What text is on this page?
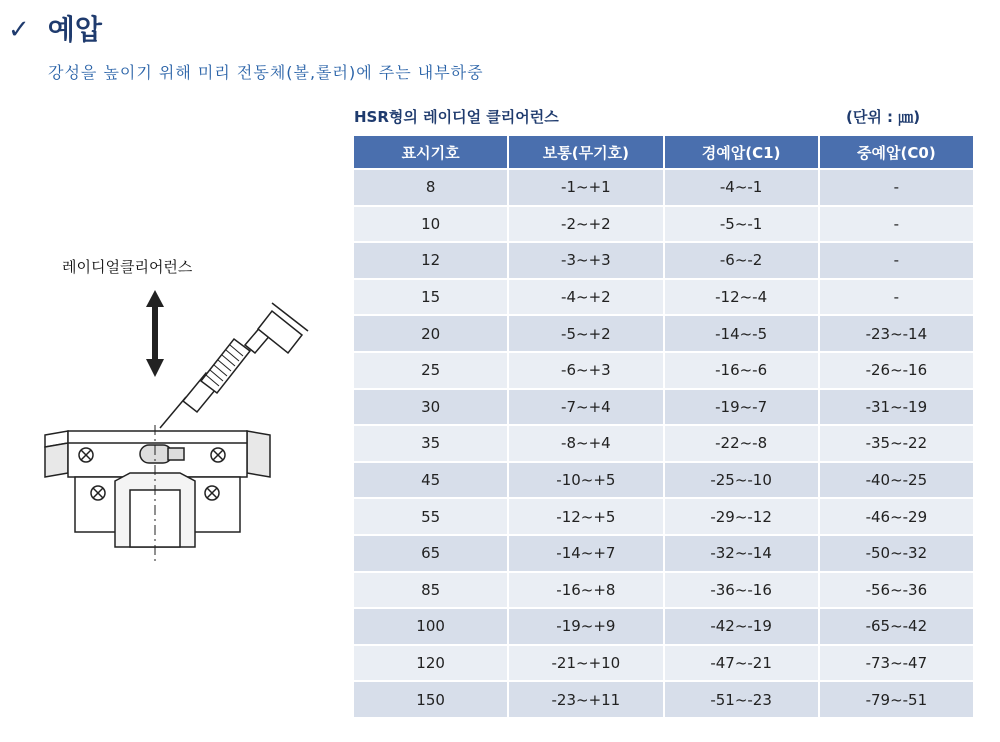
✓ 예압
강성을 높이기 위해 미리 전동체(볼,롤러)에 주는 내부하중
HSR형의 레이디얼 클리어런스	(단위 : ㎛)
레이디얼클리어런스
표시기호	보통(무기호)	경예압(C1)	중예압(C0)
8	-1~+1	-4~-1	-
10	-2~+2	-5~-1	-
12	-3~+3	-6~-2	-
15	-4~+2	-12~-4	-
20	-5~+2	-14~-5	-23~-14
25	-6~+3	-16~-6	-26~-16
30	-7~+4	-19~-7	-31~-19
35	-8~+4	-22~-8	-35~-22
45	-10~+5	-25~-10	-40~-25
55	-12~+5	-29~-12	-46~-29
65	-14~+7	-32~-14	-50~-32
85	-16~+8	-36~-16	-56~-36
100	-19~+9	-42~-19	-65~-42
120	-21~+10	-47~-21	-73~-47
150	-23~+11	-51~-23	-79~-51
